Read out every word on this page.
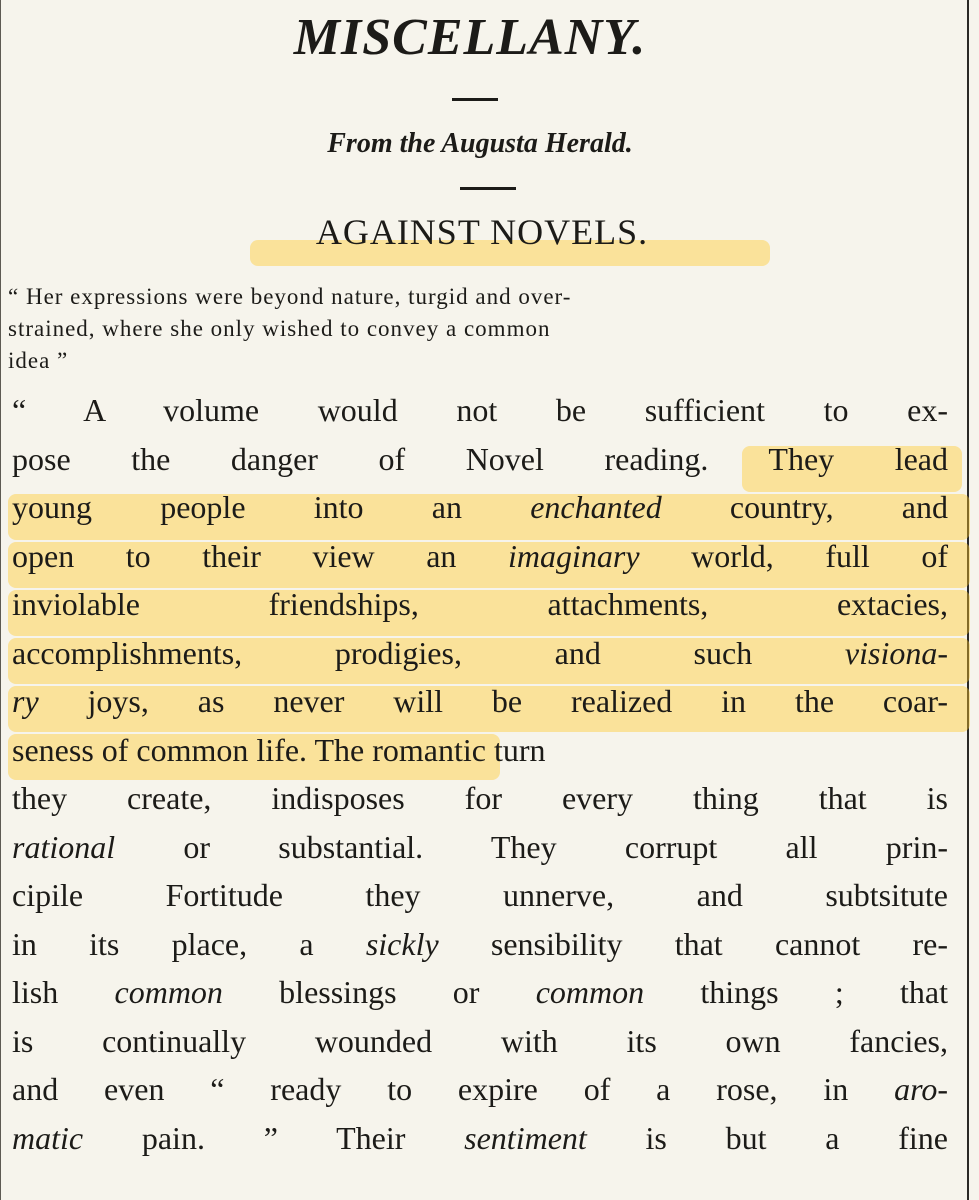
MISCELLANY.
From the Augusta Herald.
AGAINST NOVELS.
“ Her expressions were beyond nature, turgid and over-
strained, where she only wished to convey a common
idea ”
“ A volume would not be sufficient to ex-
pose the danger of Novel reading. They lead
young people into an enchanted country, and
open to their view an imaginary world, full of
inviolable friendships, attachments, extacies,
accomplishments, prodigies, and such visiona-
ry joys, as never will be realized in the coar-
seness of common life. The romantic turn
they create, indisposes for every thing that is
rational or substantial. They corrupt all prin-
cipile Fortitude they unnerve, and subtsitute
in its place, a sickly sensibility that cannot re-
lish common blessings or common things ; that
is continually wounded with its own fancies,
and even “ ready to expire of a rose, in aro-
matic pain. ” Their sentiment is but a fine
